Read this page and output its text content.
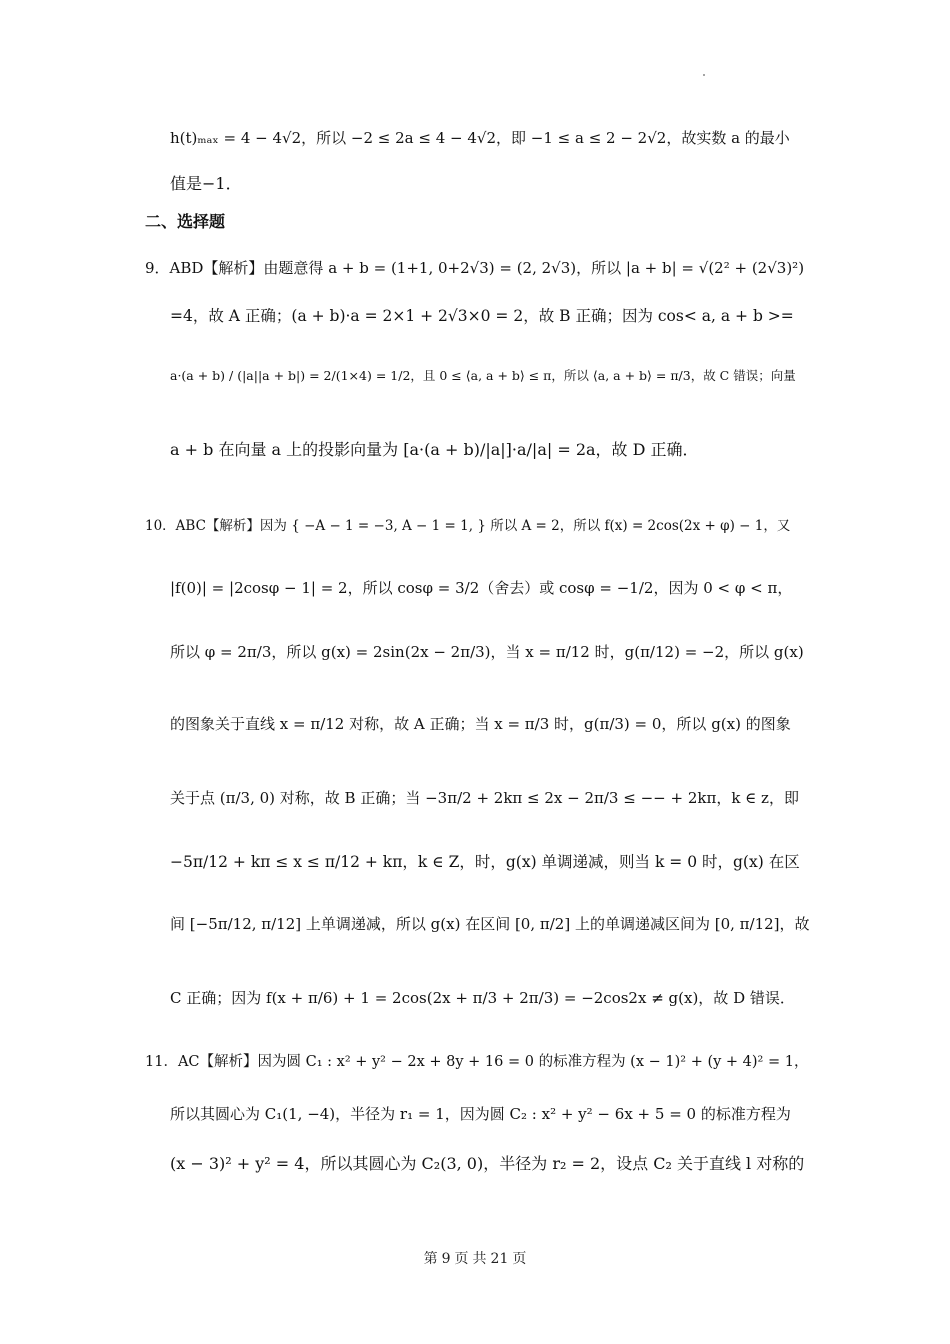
h(t)ₘₐₓ = 4 − 4√2，所以 −2 ≤ 2a ≤ 4 − 4√2，即 −1 ≤ a ≤ 2 − 2√2，故实数 a 的最小

值是−1．

二、选择题

9．ABD【解析】由题意得 a + b = (1+1, 0+2√3) = (2, 2√3)，所以 |a + b| = √(2² + (2√3)²)

=4，故 A 正确；(a + b)·a = 2×1 + 2√3×0 = 2，故 B 正确；因为 cos< a, a + b >=

a·(a + b) / (|a||a + b|) = 2/(1×4) = 1/2，且 0 ≤ ⟨a, a + b⟩ ≤ π，所以 ⟨a, a + b⟩ = π/3，故 C 错误；向量

a + b 在向量 a 上的投影向量为 [a·(a + b)/|a|]·a/|a| = 2a，故 D 正确．

10．ABC【解析】因为 { −A − 1 = −3, A − 1 = 1, } 所以 A = 2，所以 f(x) = 2cos(2x + φ) − 1，又

|f(0)| = |2cosφ − 1| = 2，所以 cosφ = 3/2（舍去）或 cosφ = −1/2，因为 0 < φ < π，

所以 φ = 2π/3，所以 g(x) = 2sin(2x − 2π/3)，当 x = π/12 时，g(π/12) = −2，所以 g(x)

的图象关于直线 x = π/12 对称，故 A 正确；当 x = π/3 时，g(π/3) = 0，所以 g(x) 的图象

关于点 (π/3, 0) 对称，故 B 正确；当 −3π/2 + 2kπ ≤ 2x − 2π/3 ≤ −− + 2kπ，k ∈ z，即

−5π/12 + kπ ≤ x ≤ π/12 + kπ，k ∈ Z，时，g(x) 单调递减，则当 k = 0 时，g(x) 在区

间 [−5π/12, π/12] 上单调递减，所以 g(x) 在区间 [0, π/2] 上的单调递减区间为 [0, π/12]，故

C 正确；因为 f(x + π/6) + 1 = 2cos(2x + π/3 + 2π/3) = −2cos2x ≠ g(x)，故 D 错误．

11．AC【解析】因为圆 C₁ : x² + y² − 2x + 8y + 16 = 0 的标准方程为 (x − 1)² + (y + 4)² = 1，

所以其圆心为 C₁(1, −4)，半径为 r₁ = 1，因为圆 C₂ : x² + y² − 6x + 5 = 0 的标准方程为

(x − 3)² + y² = 4，所以其圆心为 C₂(3, 0)，半径为 r₂ = 2，设点 C₂ 关于直线 l 对称的

第 9 页 共 21 页
